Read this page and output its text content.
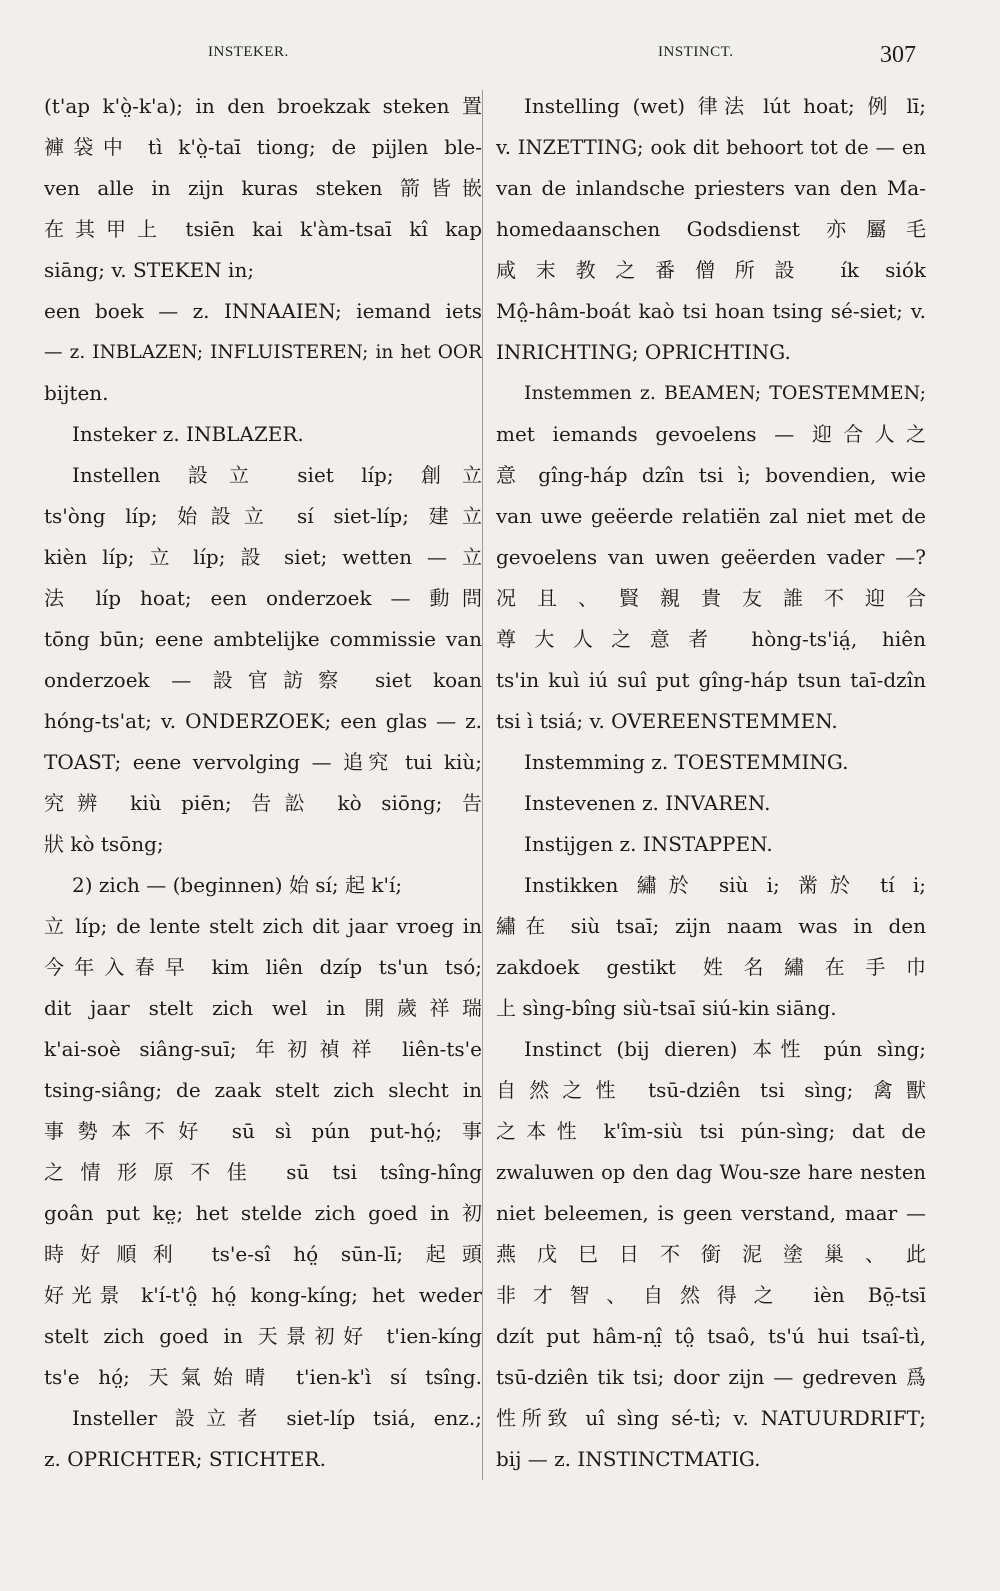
INSTEKER.	INSTINCT.	307
(t'ap k'ò̤-k'a); in den broekzak steken 置
褲袋中 tì k'ò̤-taī tiong; de pijlen ble-
ven alle in zijn kuras steken 箭皆嵌
在其甲上 tsiēn kai k'àm-tsaī kî kap
siāng; v. STEKEN in;
een boek — z. INNAAIEN; iemand iets
— z. INBLAZEN; INFLUISTEREN; in het OOR
bijten.
Insteker z. INBLAZER.
Instellen 設立 siet líp; 創立
ts'òng líp; 始設立 sí siet-líp; 建立
kièn líp; 立 líp; 設 siet; wetten — 立
法 líp hoat; een onderzoek — 動問
tōng būn; eene ambtelijke commissie van
onderzoek — 設官訪察 siet koan
hóng-ts'at; v. ONDERZOEK; een glas — z.
TOAST; eene vervolging — 追究 tui kiù;
究辨 kiù piēn; 告訟 kò siōng; 告
狀 kò tsōng;
2) zich — (beginnen) 始 sí; 起 k'í;
立 líp; de lente stelt zich dit jaar vroeg in
今年入春早 kim liên dzíp ts'un tsó;
dit jaar stelt zich wel in 開歲祥瑞
k'ai-soè siâng-suī; 年初禎祥 liên-ts'e
tsing-siâng; de zaak stelt zich slecht in
事勢本不好 sū sì pún put-hó̤; 事
之情形原不佳 sū tsi tsîng-hîng
goân put ke̤; het stelde zich goed in 初
時好順利 ts'e-sî hó̤ sūn-lī; 起頭
好光景 k'í-t'ô̤ hó̤ kong-kíng; het weder
stelt zich goed in 天景初好 t'ien-kíng
ts'e hó̤; 天氣始晴 t'ien-k'ì sí tsîng.
Insteller 設立者 siet-líp tsiá, enz.;
z. OPRICHTER; STICHTER.
Instelling (wet) 律法 lút hoat; 例 lī;
v. INZETTING; ook dit behoort tot de — en
van de inlandsche priesters van den Ma-
homedaanschen Godsdienst 亦屬毛
咸末教之番僧所設 ík siók
Mô̤-hâm-boát kaò tsi hoan tsing sé-siet; v.
INRICHTING; OPRICHTING.
Instemmen z. BEAMEN; TOESTEMMEN;
met iemands gevoelens — 迎合人之
意 gîng-háp dzîn tsi ì; bovendien, wie
van uwe geëerde relatiën zal niet met de
gevoelens van uwen geëerden vader —?
况且、賢親貴友誰不迎合
尊大人之意者 hòng-ts'iá̤, hiên
ts'in kuì iú suî put gîng-háp tsun taī-dzîn
tsi ì tsiá; v. OVEREENSTEMMEN.
Instemming z. TOESTEMMING.
Instevenen z. INVAREN.
Instijgen z. INSTAPPEN.
Instikken 繡於 siù i; 黹於 tí i;
繡在 siù tsaī; zijn naam was in den
zakdoek gestikt 姓名繡在手巾
上 sìng-bîng siù-tsaī siú-kin siāng.
Instinct (bij dieren) 本性 pún sìng;
自然之性 tsū-dziên tsi sìng; 禽獸
之本性 k'îm-siù tsi pún-sìng; dat de
zwaluwen op den dag Wou-sze hare nesten
niet beleemen, is geen verstand, maar —
燕戊巳日不銜泥塗巢、此
非才智、自然得之 ièn Bō̤-tsī
dzít put hâm-nî̤ tô̤ tsaô, ts'ú hui tsaî-tì,
tsū-dziên tik tsi; door zijn — gedreven 爲
性所致 uî sìng sé-tì; v. NATUURDRIFT;
bij — z. INSTINCTMATIG.
